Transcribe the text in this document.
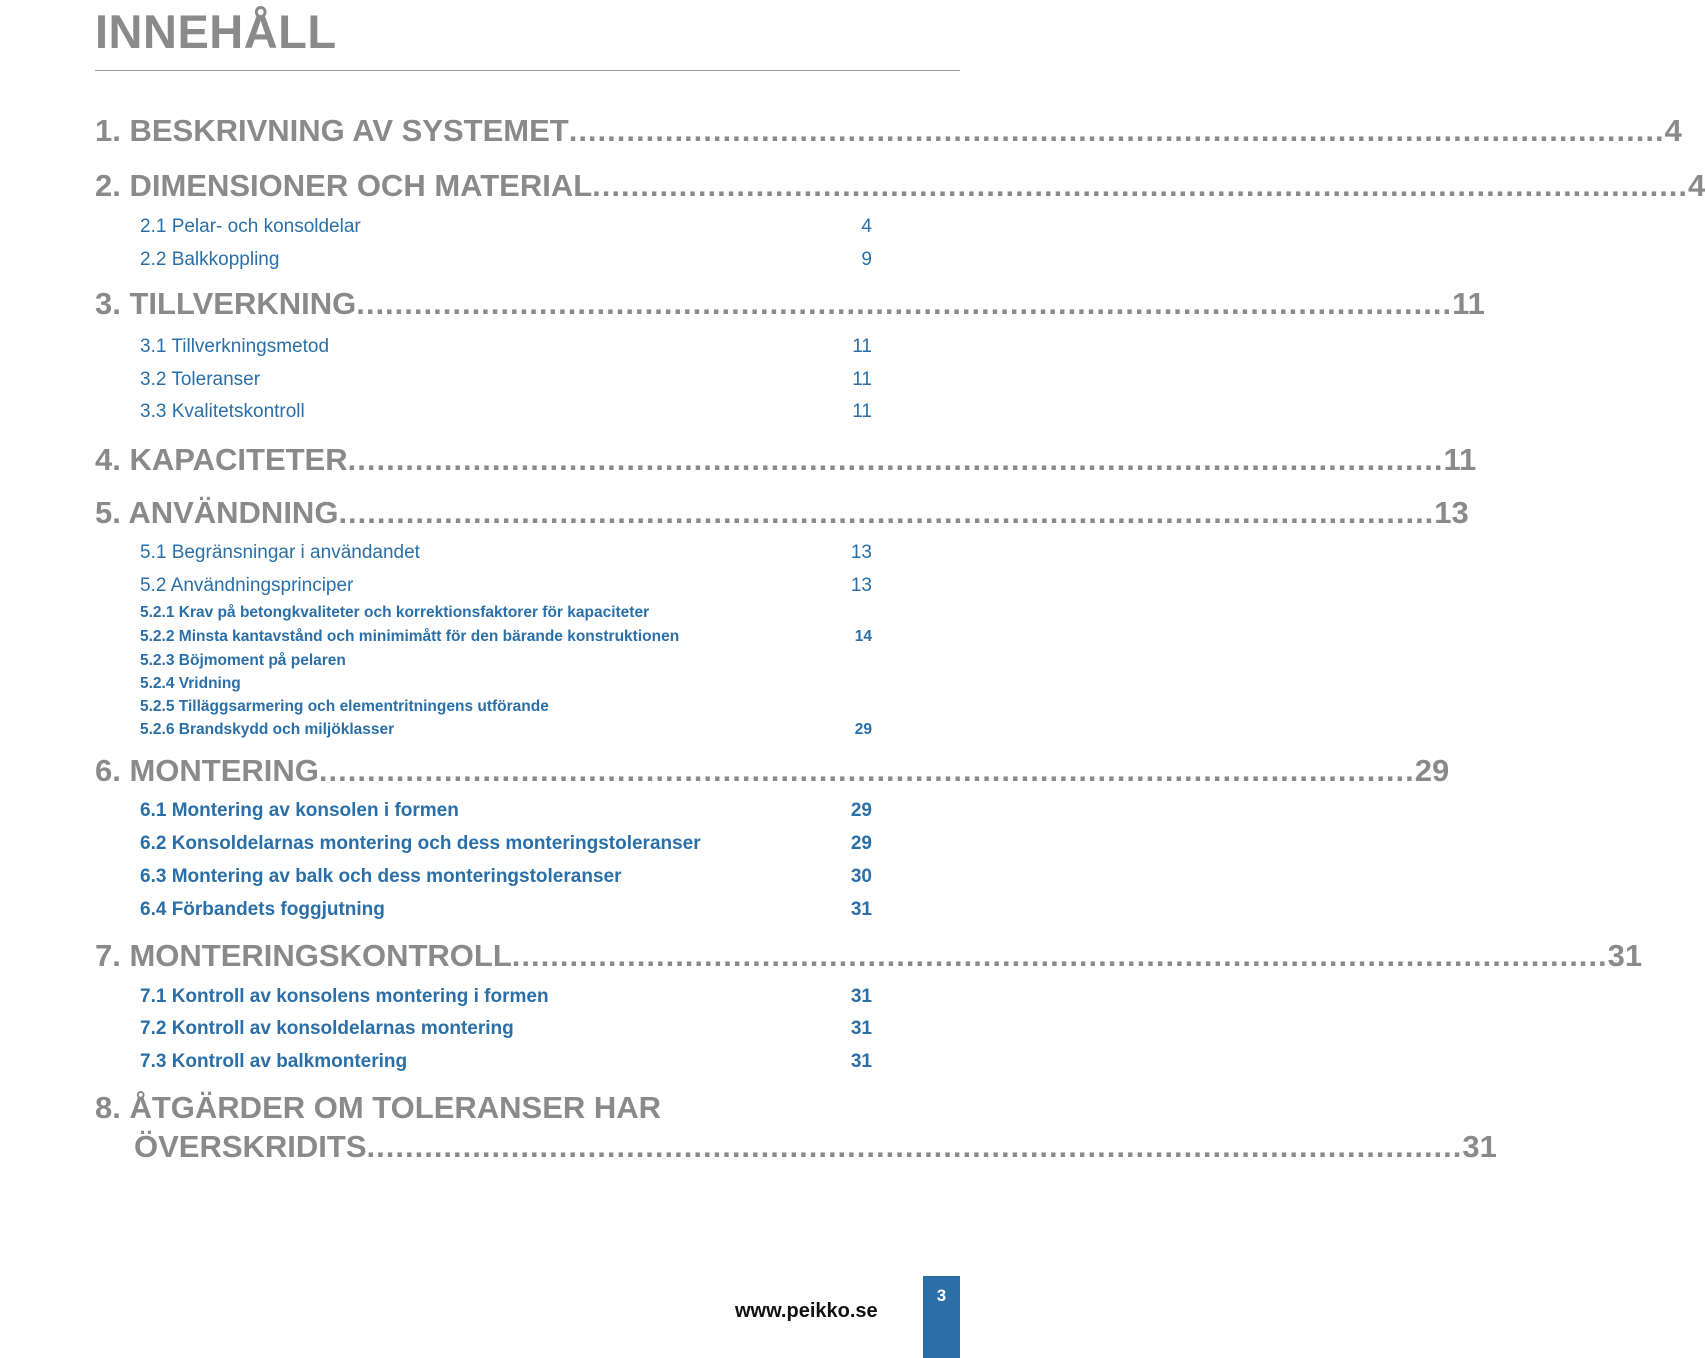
INNEHÅLL
1. BESKRIVNING AV SYSTEMET .................................................................................................................. 4
2. DIMENSIONER OCH MATERIAL .................................................................................................................. 4
2.1 Pelar- och konsoldelar	4
2.2 Balkkoppling	9
3. TILLVERKNING .................................................................................................................. 11
3.1 Tillverkningsmetod	11
3.2 Toleranser	11
3.3 Kvalitetskontroll	11
4. KAPACITETER .................................................................................................................. 11
5. ANVÄNDNING .................................................................................................................. 13
5.1 Begränsningar i användandet	13
5.2 Användningsprinciper	13
5.2.1 Krav på betongkvaliteter och korrektionsfaktorer för kapaciteter
5.2.2 Minsta kantavstånd och minimimått för den bärande konstruktionen	14
5.2.3 Böjmoment på pelaren
5.2.4 Vridning
5.2.5 Tilläggsarmering och elementritningens utförande
5.2.6 Brandskydd och miljöklasser	29
6. MONTERING .................................................................................................................. 29
6.1 Montering av konsolen i formen	29
6.2 Konsoldelarnas montering och dess monteringstoleranser	29
6.3 Montering av balk och dess monteringstoleranser	30
6.4 Förbandets foggjutning	31
7. MONTERINGSKONTROLL .................................................................................................................. 31
7.1 Kontroll av konsolens montering i formen	31
7.2 Kontroll av konsoldelarnas montering	31
7.3 Kontroll av balkmontering	31
8. ÅTGÄRDER OM TOLERANSER HAR
ÖVERSKRIDITS .................................................................................................................. 31
www.peikko.se
3
